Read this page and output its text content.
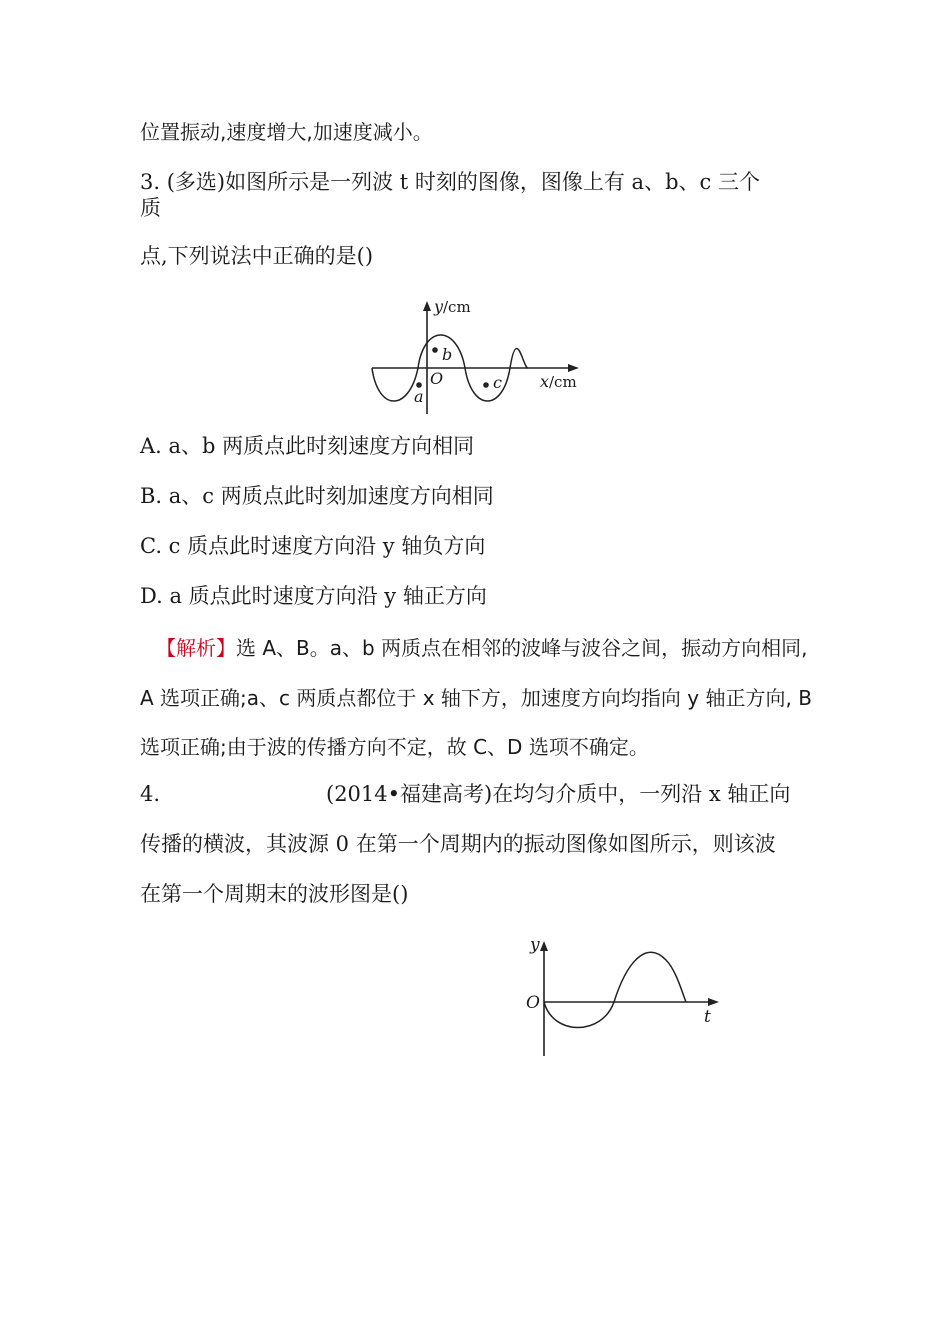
位置振动,速度增大,加速度减小。
3. (多选)如图所示是一列波 t 时刻的图像，图像上有 a、b、c 三个
质
点,下列说法中正确的是()
a
b
c
O
y /cm
x /cm
A. a、b 两质点此时刻速度方向相同
B. a、c 两质点此时刻加速度方向相同
C. c 质点此时速度方向沿 y 轴负方向
D. a 质点此时速度方向沿 y 轴正方向
【解析】选 A、B。a、b 两质点在相邻的波峰与波谷之间，振动方向相同,
A 选项正确;a、c 两质点都位于 x 轴下方，加速度方向均指向 y 轴正方向, B
选项正确;由于波的传播方向不定，故 C、D 选项不确定。
4.	(2014•福建高考)在均匀介质中，一列沿 x 轴正向
传播的横波，其波源 0 在第一个周期内的振动图像如图所示，则该波
在第一个周期末的波形图是()
y
t
O
